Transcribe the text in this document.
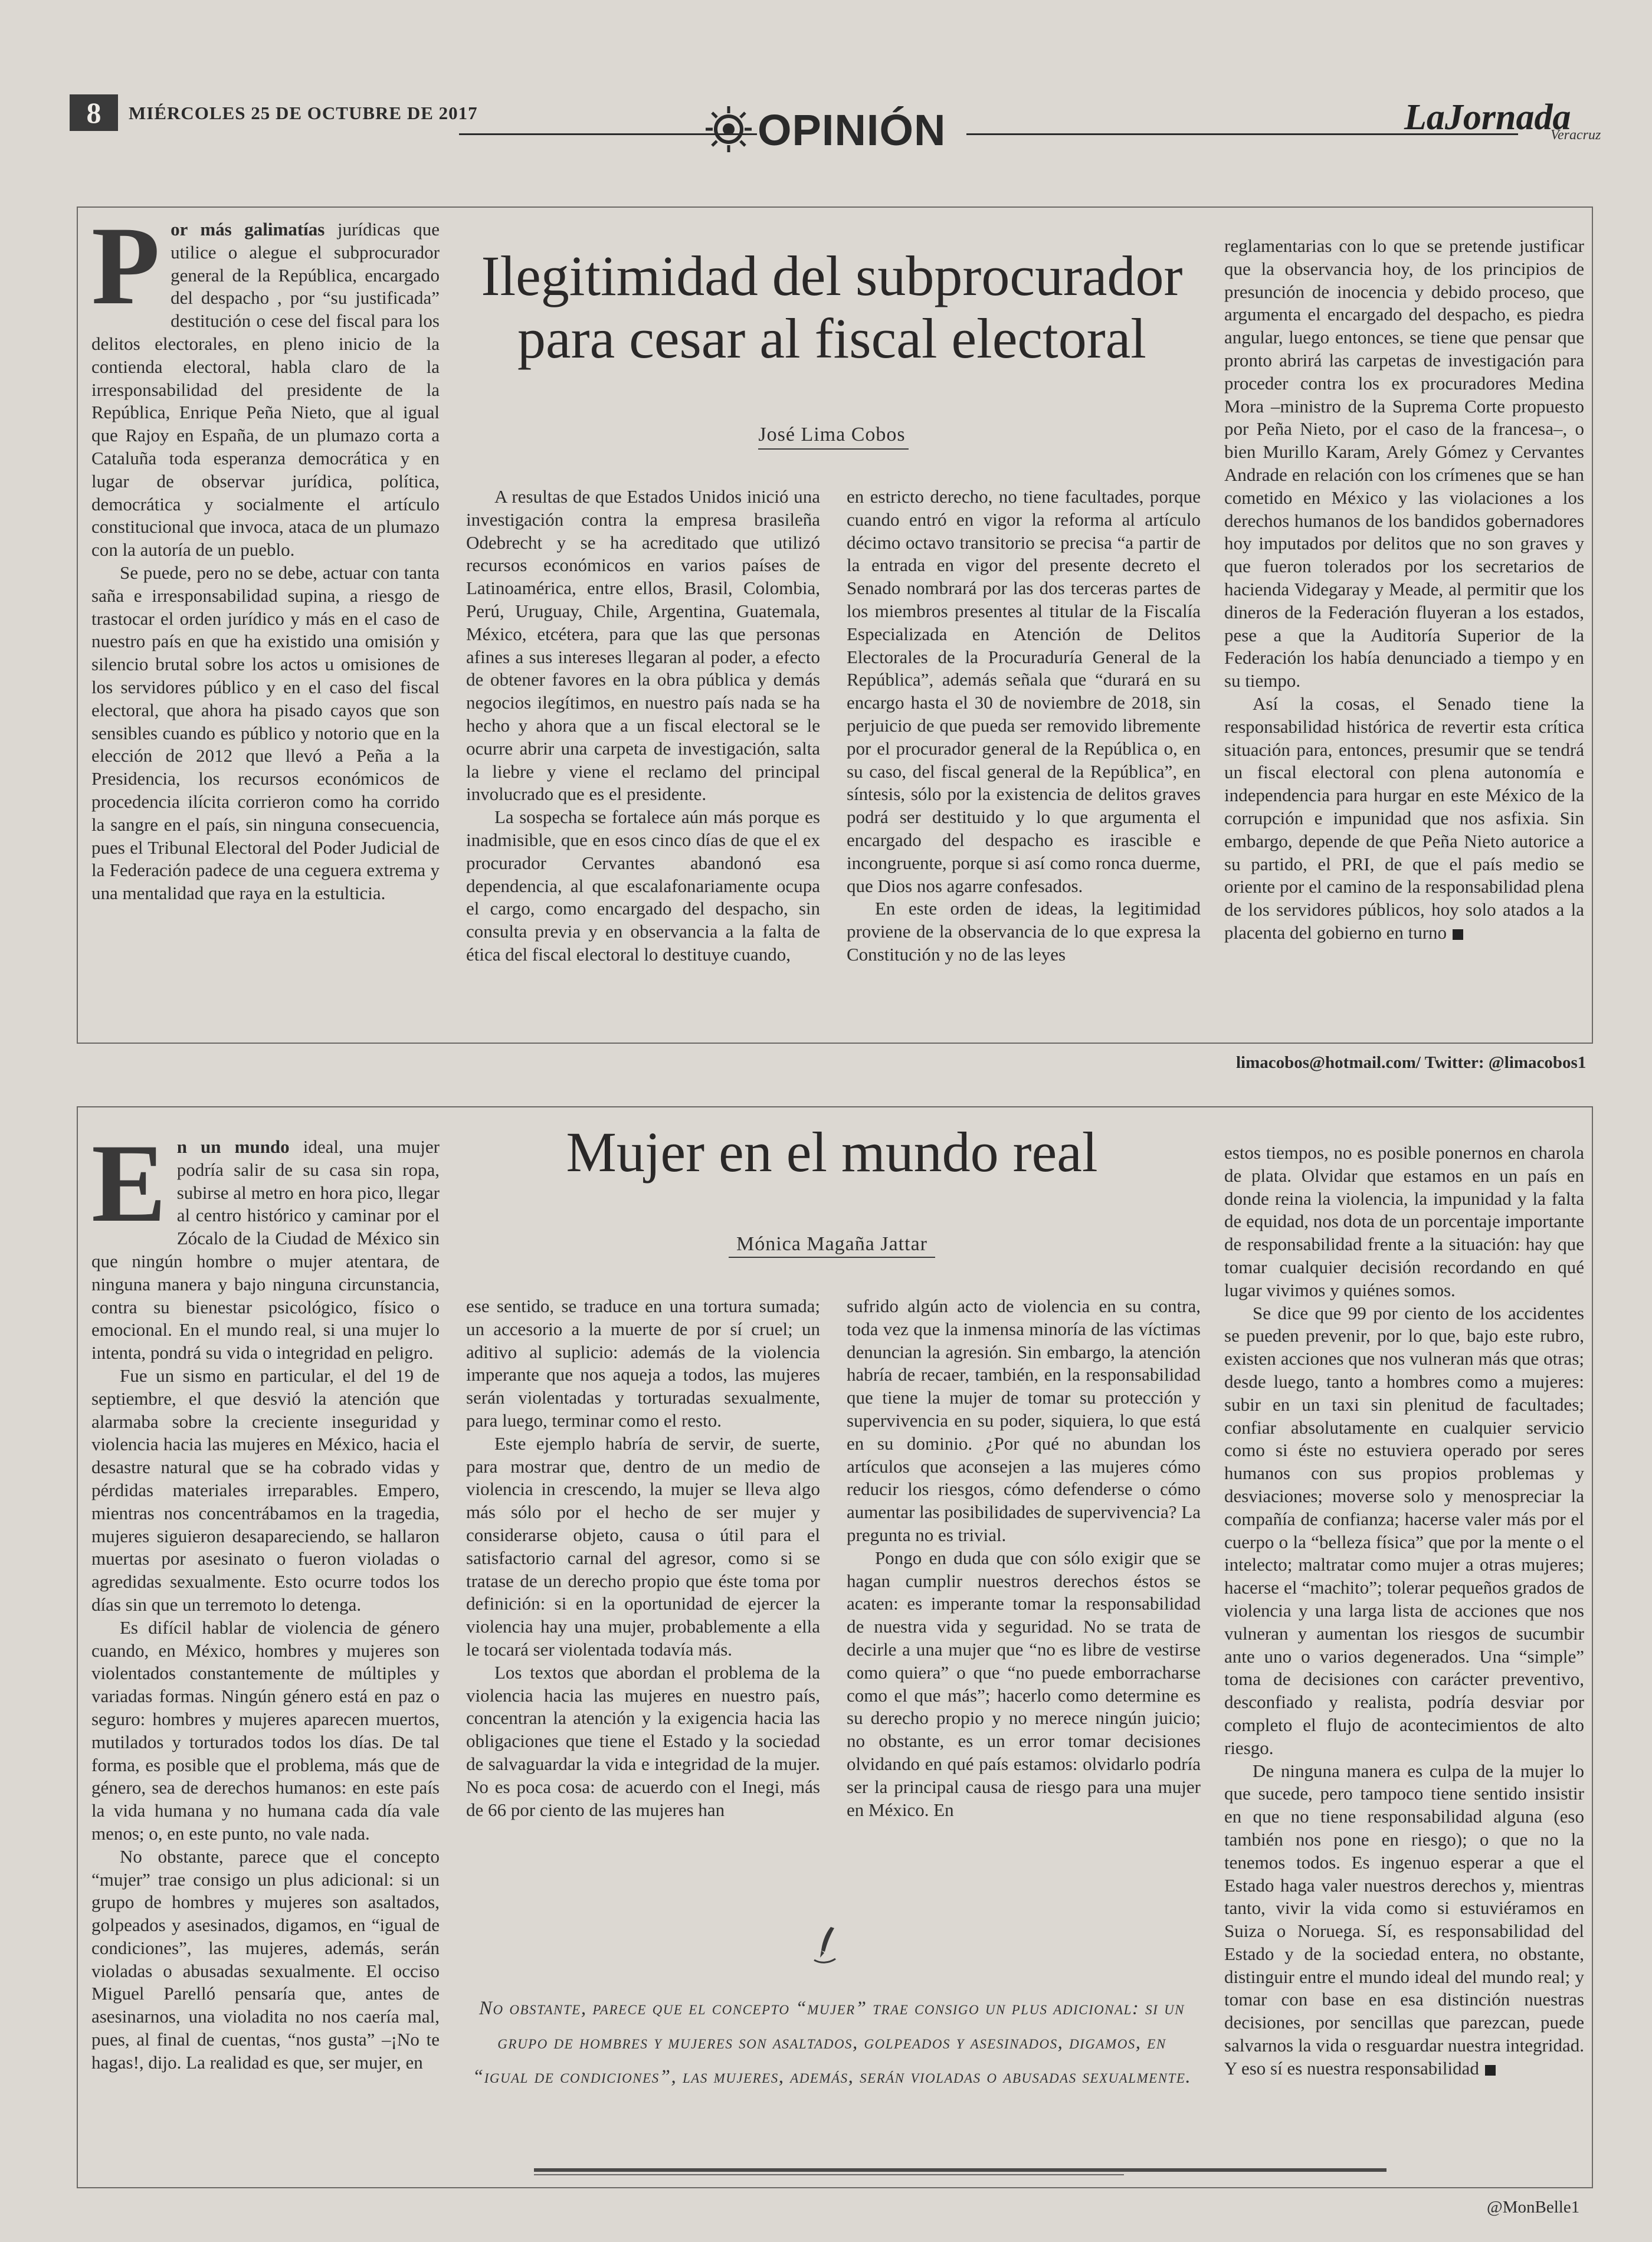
8	MIÉRCOLES 25 DE OCTUBRE DE 2017	OPINIÓN	LaJornada
Veracruz

Por más galimatías jurídicas que utilice o alegue el subprocurador general de la República, encargado del despacho , por “su justificada” destitución o cese del fiscal para los delitos electorales, en pleno inicio de la contienda electoral, habla claro de la irresponsabilidad del presidente de la República, Enrique Peña Nieto, que al igual que Rajoy en España, de un plumazo corta a Cataluña toda esperanza democrática y en lugar de observar jurídica, política, democrática y socialmente el artículo constitucional que invoca, ataca de un plumazo con la autoría de un pueblo.

Se puede, pero no se debe, actuar con tanta saña e irresponsabilidad supina, a riesgo de trastocar el orden jurídico y más en el caso de nuestro país en que ha existido una omisión y silencio brutal sobre los actos u omisiones de los servidores público y en el caso del fiscal electoral, que ahora ha pisado cayos que son sensibles cuando es público y notorio que en la elección de 2012 que llevó a Peña a la Presidencia, los recursos económicos de procedencia ilícita corrieron como ha corrido la sangre en el país, sin ninguna consecuencia, pues el Tribunal Electoral del Poder Judicial de la Federación padece de una ceguera extrema y una mentalidad que raya en la estulticia.

Ilegitimidad del subprocurador para cesar al fiscal electoral
José Lima Cobos

A resultas de que Estados Unidos inició una investigación contra la empresa brasileña Odebrecht y se ha acreditado que utilizó recursos económicos en varios países de Latinoamérica, entre ellos, Brasil, Colombia, Perú, Uruguay, Chile, Argentina, Guatemala, México, etcétera, para que las que personas afines a sus intereses llegaran al poder, a efecto de obtener favores en la obra pública y demás negocios ilegítimos, en nuestro país nada se ha hecho y ahora que a un fiscal electoral se le ocurre abrir una carpeta de investigación, salta la liebre y viene el reclamo del principal involucrado que es el presidente.

La sospecha se fortalece aún más porque es inadmisible, que en esos cinco días de que el ex procurador Cervantes abandonó esa dependencia, al que escalafonariamente ocupa el cargo, como encargado del despacho, sin consulta previa y en observancia a la falta de ética del fiscal electoral lo destituye cuando,

en estricto derecho, no tiene facultades, porque cuando entró en vigor la reforma al artículo décimo octavo transitorio se precisa “a partir de la entrada en vigor del presente decreto el Senado nombrará por las dos terceras partes de los miembros presentes al titular de la Fiscalía Especializada en Atención de Delitos Electorales de la Procuraduría General de la República”, además señala que “durará en su encargo hasta el 30 de noviembre de 2018, sin perjuicio de que pueda ser removido libremente por el procurador general de la República o, en su caso, del fiscal general de la República”, en síntesis, sólo por la existencia de delitos graves podrá ser destituido y lo que argumenta el encargado del despacho es irascible e incongruente, porque si así como ronca duerme, que Dios nos agarre confesados.

En este orden de ideas, la legitimidad proviene de la observancia de lo que expresa la Constitución y no de las leyes

reglamentarias con lo que se pretende justificar que la observancia hoy, de los principios de presunción de inocencia y debido proceso, que argumenta el encargado del despacho, es piedra angular, luego entonces, se tiene que pensar que pronto abrirá las carpetas de investigación para proceder contra los ex procuradores Medina Mora –ministro de la Suprema Corte propuesto por Peña Nieto, por el caso de la francesa–, o bien Murillo Karam, Arely Gómez y Cervantes Andrade en relación con los crímenes que se han cometido en México y las violaciones a los derechos humanos de los bandidos gobernadores hoy imputados por delitos que no son graves y que fueron tolerados por los secretarios de hacienda Videgaray y Meade, al permitir que los dineros de la Federación fluyeran a los estados, pese a que la Auditoría Superior de la Federación los había denunciado a tiempo y en su tiempo.

Así la cosas, el Senado tiene la responsabilidad histórica de revertir esta crítica situación para, entonces, presumir que se tendrá un fiscal electoral con plena autonomía e independencia para hurgar en este México de la corrupción e impunidad que nos asfixia. Sin embargo, depende de que Peña Nieto autorice a su partido, el PRI, de que el país medio se oriente por el camino de la responsabilidad plena de los servidores públicos, hoy solo atados a la placenta del gobierno en turno

limacobos@hotmail.com/ Twitter: @limacobos1

En un mundo ideal, una mujer podría salir de su casa sin ropa, subirse al metro en hora pico, llegar al centro histórico y caminar por el Zócalo de la Ciudad de México sin que ningún hombre o mujer atentara, de ninguna manera y bajo ninguna circunstancia, contra su bienestar psicológico, físico o emocional. En el mundo real, si una mujer lo intenta, pondrá su vida o integridad en peligro.

Fue un sismo en particular, el del 19 de septiembre, el que desvió la atención que alarmaba sobre la creciente inseguridad y violencia hacia las mujeres en México, hacia el desastre natural que se ha cobrado vidas y pérdidas materiales irreparables. Empero, mientras nos concentrábamos en la tragedia, mujeres siguieron desapareciendo, se hallaron muertas por asesinato o fueron violadas o agredidas sexualmente. Esto ocurre todos los días sin que un terremoto lo detenga.

Es difícil hablar de violencia de género cuando, en México, hombres y mujeres son violentados constantemente de múltiples y variadas formas. Ningún género está en paz o seguro: hombres y mujeres aparecen muertos, mutilados y torturados todos los días. De tal forma, es posible que el problema, más que de género, sea de derechos humanos: en este país la vida humana y no humana cada día vale menos; o, en este punto, no vale nada.

No obstante, parece que el concepto “mujer” trae consigo un plus adicional: si un grupo de hombres y mujeres son asaltados, golpeados y asesinados, digamos, en “igual de condiciones”, las mujeres, además, serán violadas o abusadas sexualmente. El occiso Miguel Parelló pensaría que, antes de asesinarnos, una violadita no nos caería mal, pues, al final de cuentas, “nos gusta” –¡No te hagas!, dijo. La realidad es que, ser mujer, en

Mujer en el mundo real
Mónica Magaña Jattar

ese sentido, se traduce en una tortura sumada; un accesorio a la muerte de por sí cruel; un aditivo al suplicio: además de la violencia imperante que nos aqueja a todos, las mujeres serán violentadas y torturadas sexualmente, para luego, terminar como el resto.

Este ejemplo habría de servir, de suerte, para mostrar que, dentro de un medio de violencia in crescendo, la mujer se lleva algo más sólo por el hecho de ser mujer y considerarse objeto, causa o útil para el satisfactorio carnal del agresor, como si se tratase de un derecho propio que éste toma por definición: si en la oportunidad de ejercer la violencia hay una mujer, probablemente a ella le tocará ser violentada todavía más.

Los textos que abordan el problema de la violencia hacia las mujeres en nuestro país, concentran la atención y la exigencia hacia las obligaciones que tiene el Estado y la sociedad de salvaguardar la vida e integridad de la mujer. No es poca cosa: de acuerdo con el Inegi, más de 66 por ciento de las mujeres han

sufrido algún acto de violencia en su contra, toda vez que la inmensa minoría de las víctimas denuncian la agresión. Sin embargo, la atención habría de recaer, también, en la responsabilidad que tiene la mujer de tomar su protección y supervivencia en su poder, siquiera, lo que está en su dominio. ¿Por qué no abundan los artículos que aconsejen a las mujeres cómo reducir los riesgos, cómo defenderse o cómo aumentar las posibilidades de supervivencia? La pregunta no es trivial.

Pongo en duda que con sólo exigir que se hagan cumplir nuestros derechos éstos se acaten: es imperante tomar la responsabilidad de nuestra vida y seguridad. No se trata de decirle a una mujer que “no es libre de vestirse como quiera” o que “no puede emborracharse como el que más”; hacerlo como determine es su derecho propio y no merece ningún juicio; no obstante, es un error tomar decisiones olvidando en qué país estamos: olvidarlo podría ser la principal causa de riesgo para una mujer en México. En

estos tiempos, no es posible ponernos en charola de plata. Olvidar que estamos en un país en donde reina la violencia, la impunidad y la falta de equidad, nos dota de un porcentaje importante de responsabilidad frente a la situación: hay que tomar cualquier decisión recordando en qué lugar vivimos y quiénes somos.

Se dice que 99 por ciento de los accidentes se pueden prevenir, por lo que, bajo este rubro, existen acciones que nos vulneran más que otras; desde luego, tanto a hombres como a mujeres: subir en un taxi sin plenitud de facultades; confiar absolutamente en cualquier servicio como si éste no estuviera operado por seres humanos con sus propios problemas y desviaciones; moverse solo y menospreciar la compañía de confianza; hacerse valer más por el cuerpo o la “belleza física” que por la mente o el intelecto; maltratar como mujer a otras mujeres; hacerse el “machito”; tolerar pequeños grados de violencia y una larga lista de acciones que nos vulneran y aumentan los riesgos de sucumbir ante uno o varios degenerados. Una “simple” toma de decisiones con carácter preventivo, desconfiado y realista, podría desviar por completo el flujo de acontecimientos de alto riesgo.

De ninguna manera es culpa de la mujer lo que sucede, pero tampoco tiene sentido insistir en que no tiene responsabilidad alguna (eso también nos pone en riesgo); o que no la tenemos todos. Es ingenuo esperar a que el Estado haga valer nuestros derechos y, mientras tanto, vivir la vida como si estuviéramos en Suiza o Noruega. Sí, es responsabilidad del Estado y de la sociedad entera, no obstante, distinguir entre el mundo ideal del mundo real; y tomar con base en esa distinción nuestras decisiones, por sencillas que parezcan, puede salvarnos la vida o resguardar nuestra integridad. Y eso sí es nuestra responsabilidad

No obstante, parece que el concepto “mujer” trae consigo un plus adicional: si un grupo de hombres y mujeres son asaltados, golpeados y asesinados, digamos, en “igual de condiciones”, las mujeres, además, serán violadas o abusadas sexualmente.
@MonBelle1
